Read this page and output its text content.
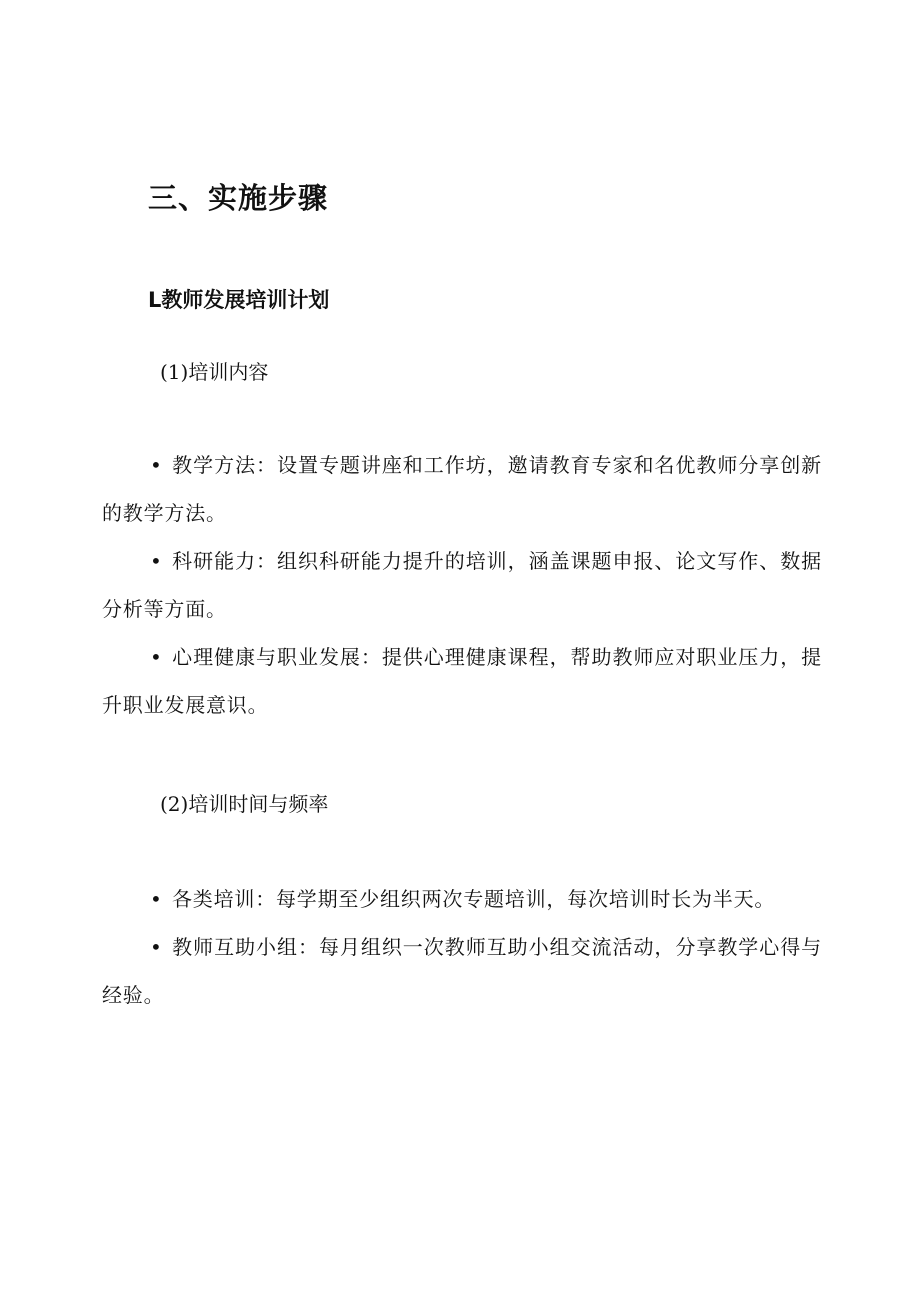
三、实施步骤
L教师发展培训计划
(1)培训内容
• 教学方法：设置专题讲座和工作坊，邀请教育专家和名优教师分享创新的教学方法。
• 科研能力：组织科研能力提升的培训，涵盖课题申报、论文写作、数据分析等方面。
• 心理健康与职业发展：提供心理健康课程，帮助教师应对职业压力，提升职业发展意识。
(2)培训时间与频率
• 各类培训：每学期至少组织两次专题培训，每次培训时长为半天。
• 教师互助小组：每月组织一次教师互助小组交流活动，分享教学心得与经验。
